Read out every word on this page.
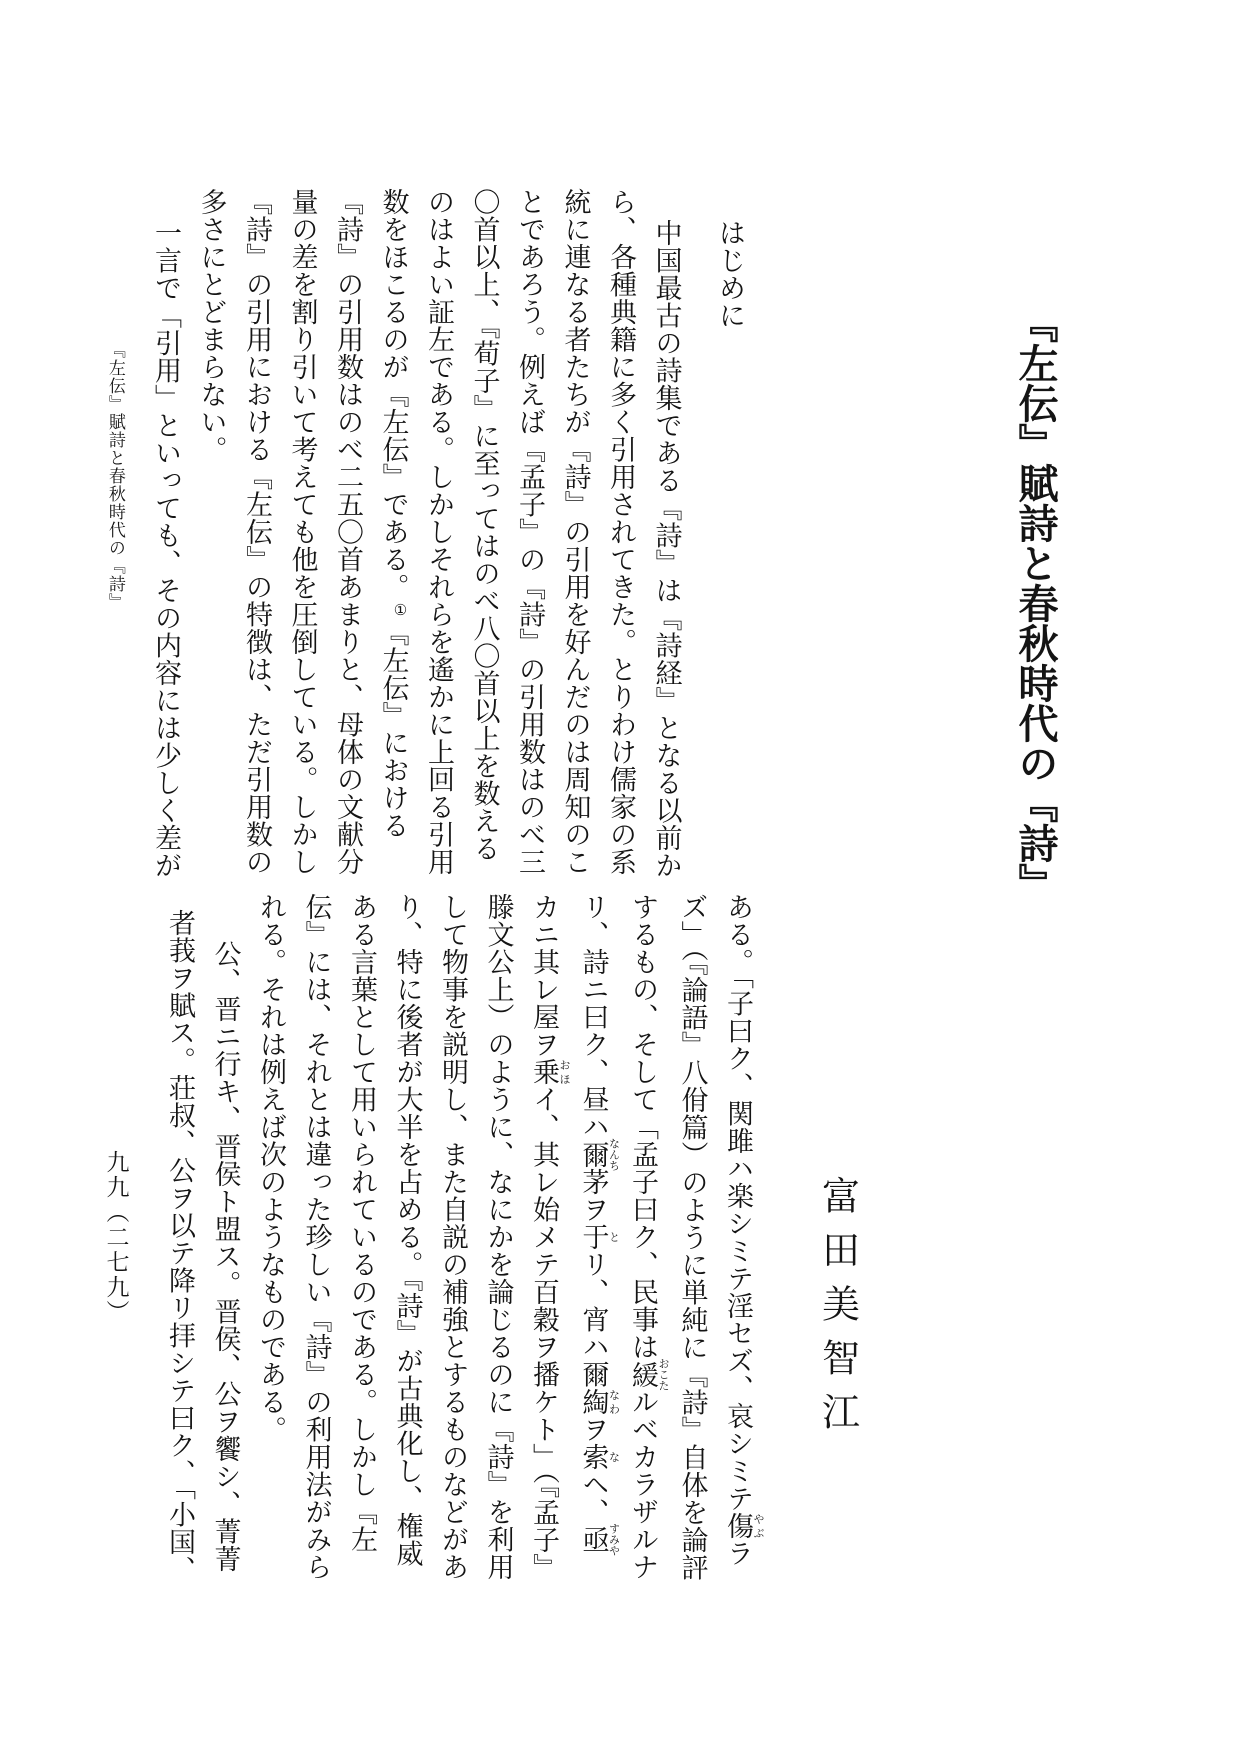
『左伝』賦詩と春秋時代の『詩』
富田美智江
はじめに
中国最古の詩集である『詩』は『詩経』となる以前か
ら、各種典籍に多く引用されてきた。とりわけ儒家の系
統に連なる者たちが『詩』の引用を好んだのは周知のこ
とであろう。例えば『孟子』の『詩』の引用数はのべ三
〇首以上、『荀子』に至ってはのべ八〇首以上を数える
のはよい証左である。しかしそれらを遙かに上回る引用
数をほこるのが『左伝』である。①『左伝』における
『詩』の引用数はのべ二五〇首あまりと、母体の文献分
量の差を割り引いて考えても他を圧倒している。しかし
『詩』の引用における『左伝』の特徴は、ただ引用数の
多さにとどまらない。
一言で「引用」といっても、その内容には少しく差が
ある。「子曰ク、関雎ハ楽シミテ淫セズ、哀シミテ傷 やぶラ
ズ」（『論語』八佾篇）のように単純に『詩』自体を論評
するもの、そして「孟子曰ク、民事は緩 おこたルベカラザルナ
リ、詩ニ曰ク、昼ハ爾 なんち茅ヲ于 とリ、宵ハ爾綯 なわヲ索 なヘ、亟 すみや
カニ其レ屋ヲ乗 おほイ、其レ始メテ百穀ヲ播ケト」（『孟子』
滕文公上）のように、なにかを論じるのに『詩』を利用
して物事を説明し、また自説の補強とするものなどがあ
り、特に後者が大半を占める。『詩』が古典化し、権威
ある言葉として用いられているのである。しかし『左
伝』には、それとは違った珍しい『詩』の利用法がみら
れる。それは例えば次のようなものである。
公、晋ニ行キ、晋侯ト盟ス。晋侯、公ヲ饗シ、菁菁
者莪ヲ賦ス。荘叔、公ヲ以テ降リ拝シテ曰ク、「小国、
『左伝』賦詩と春秋時代の『詩』
九九（二七九）
